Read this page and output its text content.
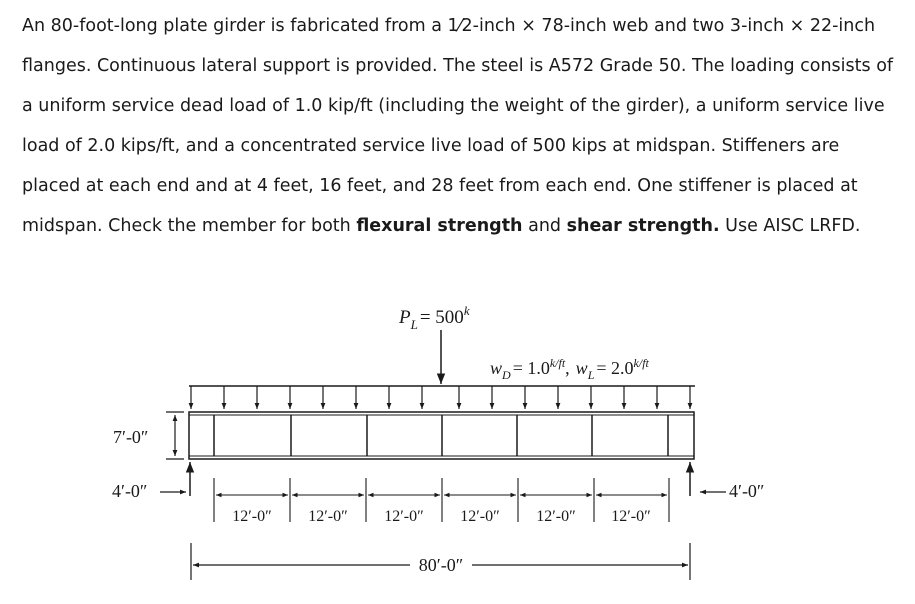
An 80-foot-long plate girder is fabricated from a 1⁄2-inch × 78-inch web and two 3-inch × 22-inch flanges. Continuous lateral support is provided. The steel is A572 Grade 50. The loading consists of a uniform service dead load of 1.0 kip/ft (including the weight of the girder), a uniform service live load of 2.0 kips/ft, and a concentrated service live load of 500 kips at midspan. Stiffeners are placed at each end and at 4 feet, 16 feet, and 28 feet from each end. One stiffener is placed at midspan. Check the member for both flexural strength and shear strength. Use AISC LRFD.

$P_L = 500^k$
$w_D = 1.0^{k/ft}$, $w_L = 2.0^{k/ft}$
7′-0″
4′-0″	4′-0″
12′-0″ 12′-0″ 12′-0″ 12′-0″ 12′-0″ 12′-0″
80′-0″
